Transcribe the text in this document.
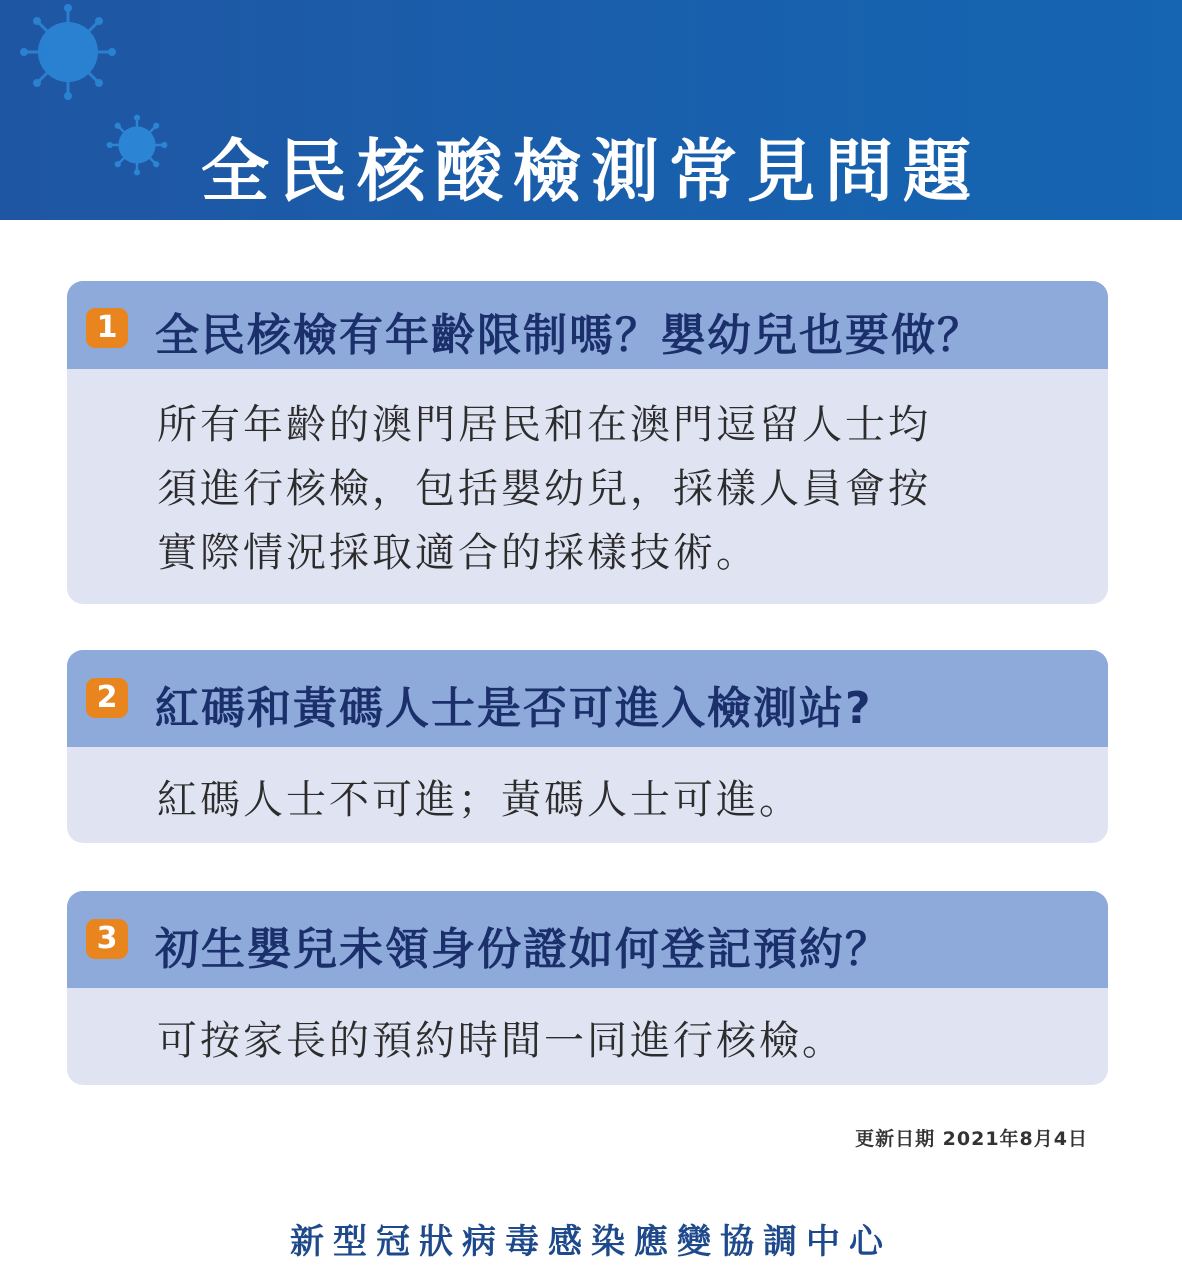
全民核酸檢測常見問題
1 全民核檢有年齡限制嗎？嬰幼兒也要做？
所有年齡的澳門居民和在澳門逗留人士均
須進行核檢，包括嬰幼兒，採樣人員會按
實際情況採取適合的採樣技術。
2 紅碼和黃碼人士是否可進入檢測站?
紅碼人士不可進；黃碼人士可進。
3 初生嬰兒未領身份證如何登記預約？
可按家長的預約時間一同進行核檢。
更新日期 2021年8月4日
新型冠狀病毒感染應變協調中心
